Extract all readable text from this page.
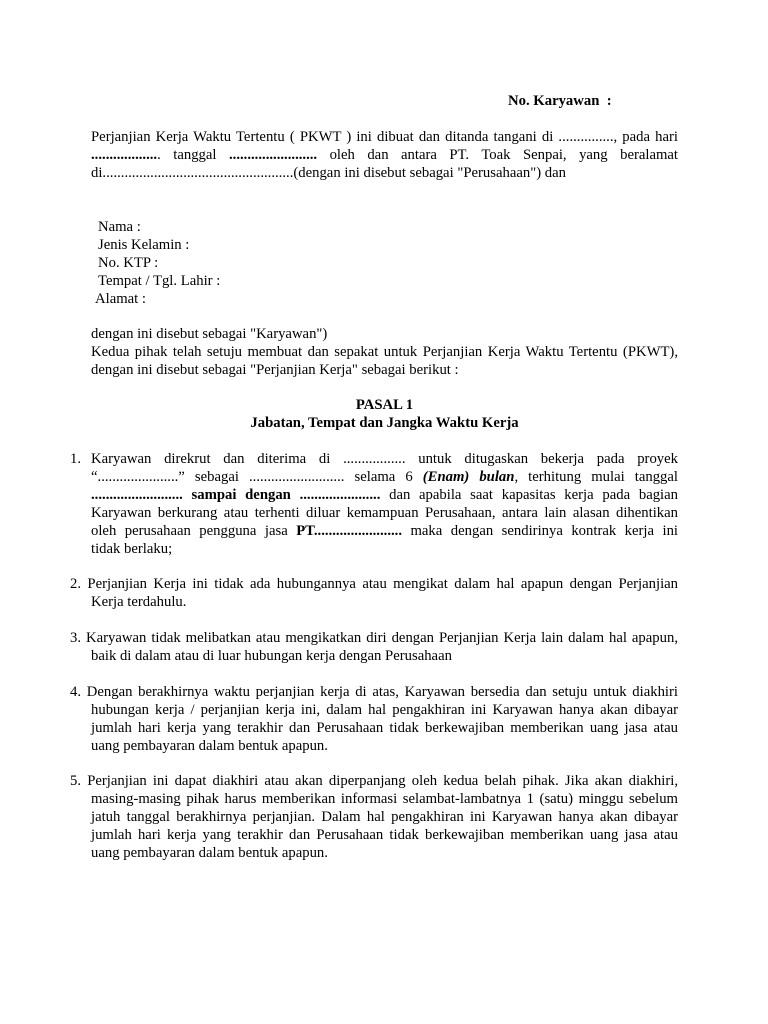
No. Karyawan  :
Perjanjian Kerja Waktu Tertentu ( PKWT ) ini dibuat dan ditanda tangani di ..............., pada hari
................... tanggal ........................ oleh dan antara PT. Toak Senpai, yang beralamat
di....................................................(dengan ini disebut sebagai "Perusahaan") dan
Nama :
Jenis Kelamin :
No. KTP :
Tempat / Tgl. Lahir :
Alamat :
dengan ini disebut sebagai "Karyawan")
Kedua pihak telah setuju membuat dan sepakat untuk Perjanjian Kerja Waktu Tertentu (PKWT),
dengan ini disebut sebagai "Perjanjian Kerja" sebagai berikut :
PASAL 1
Jabatan, Tempat dan Jangka Waktu Kerja
1. Karyawan direkrut dan diterima di ................. untuk ditugaskan bekerja pada proyek
“......................” sebagai .......................... selama 6 (Enam) bulan, terhitung mulai tanggal
......................... sampai dengan ...................... dan apabila saat kapasitas kerja pada bagian
Karyawan berkurang atau terhenti diluar kemampuan Perusahaan, antara lain alasan dihentikan
oleh perusahaan pengguna jasa PT........................ maka dengan sendirinya kontrak kerja ini
tidak berlaku;
2. Perjanjian Kerja ini tidak ada hubungannya atau mengikat dalam hal apapun dengan Perjanjian
Kerja terdahulu.
3. Karyawan tidak melibatkan atau mengikatkan diri dengan Perjanjian Kerja lain dalam hal apapun,
baik di dalam atau di luar hubungan kerja dengan Perusahaan
4. Dengan berakhirnya waktu perjanjian kerja di atas, Karyawan bersedia dan setuju untuk diakhiri
hubungan kerja / perjanjian kerja ini, dalam hal pengakhiran ini Karyawan hanya akan dibayar
jumlah hari kerja yang terakhir dan Perusahaan tidak berkewajiban memberikan uang jasa atau
uang pembayaran dalam bentuk apapun.
5. Perjanjian ini dapat diakhiri atau akan diperpanjang oleh kedua belah pihak. Jika akan diakhiri,
masing-masing pihak harus memberikan informasi selambat-lambatnya 1 (satu) minggu sebelum
jatuh tanggal berakhirnya perjanjian. Dalam hal pengakhiran ini Karyawan hanya akan dibayar
jumlah hari kerja yang terakhir dan Perusahaan tidak berkewajiban memberikan uang jasa atau
uang pembayaran dalam bentuk apapun.
